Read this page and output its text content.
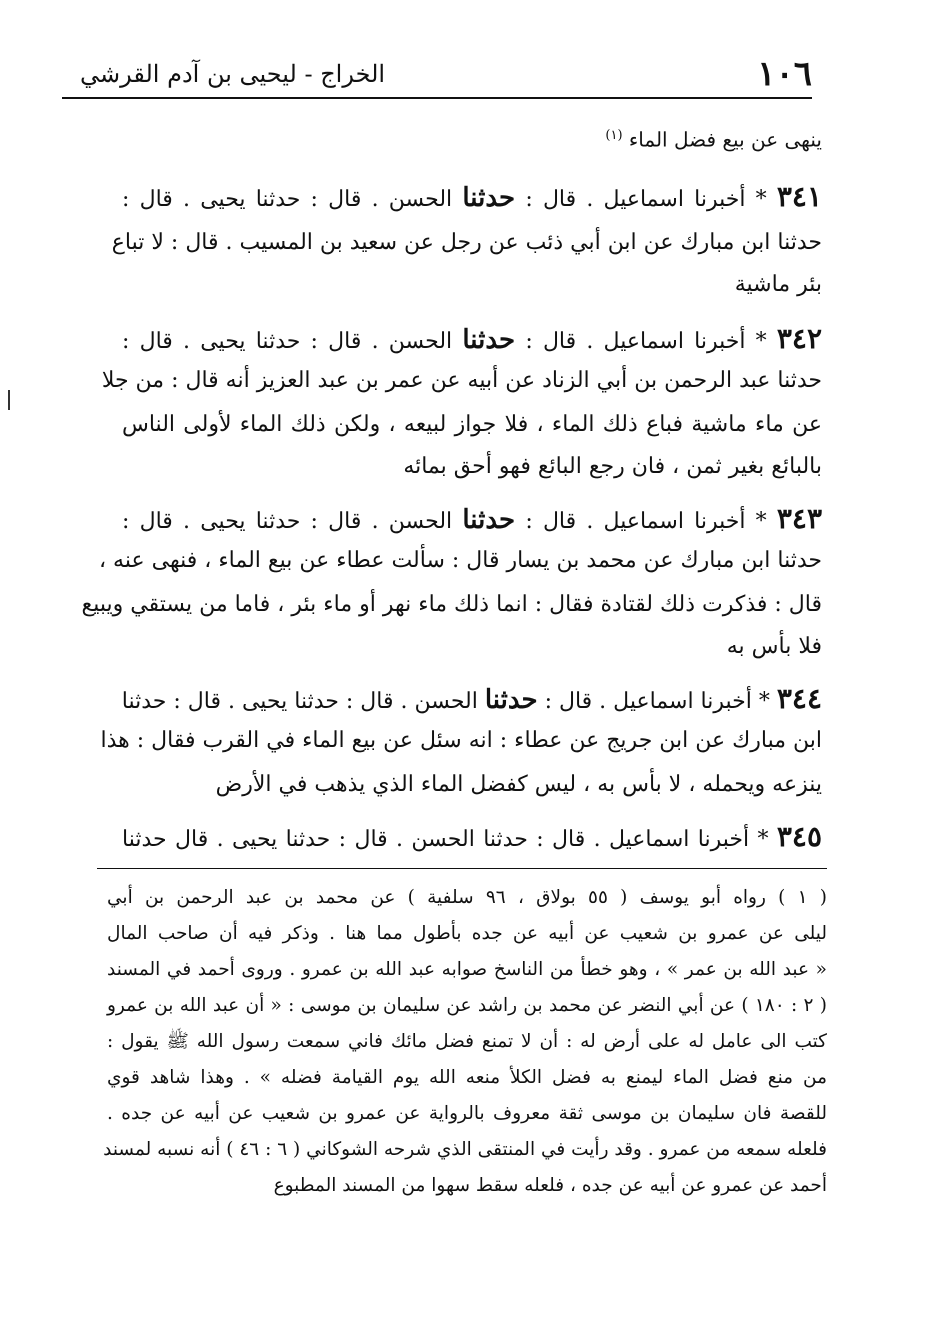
١٠٦
الخراج - ليحيى بن آدم القرشي
ينهى عن بيع فضل الماء $^{(١)}$
٣٤١ * أخبرنا اسماعيل . قال : حدثنا الحسن . قال : حدثنا يحيى . قال :
حدثنا ابن مبارك عن ابن أبي ذئب عن رجل عن سعيد بن المسيب . قال : لا تباع
بئر ماشية
٣٤٢ * أخبرنا اسماعيل . قال : حدثنا الحسن . قال : حدثنا يحيى . قال :
حدثنا عبد الرحمن بن أبي الزناد عن أبيه عن عمر بن عبد العزيز أنه قال : من جلا
عن ماء ماشية فباع ذلك الماء ، فلا جواز لبيعه ، ولكن ذلك الماء لأولى الناس
بالبائع بغير ثمن ، فان رجع البائع فهو أحق بمائه
٣٤٣ * أخبرنا اسماعيل . قال : حدثنا الحسن . قال : حدثنا يحيى . قال :
حدثنا ابن مبارك عن محمد بن يسار قال : سألت عطاء عن بيع الماء ، فنهى عنه ،
قال : فذكرت ذلك لقتادة فقال : انما ذلك ماء نهر أو ماء بئر ، فاما من يستقي ويبيع
فلا بأس به
٣٤٤ * أخبرنا اسماعيل . قال : حدثنا الحسن . قال : حدثنا يحيى . قال : حدثنا
ابن مبارك عن ابن جريج عن عطاء : انه سئل عن بيع الماء في القرب فقال : هذا
ينزعه ويحمله ، لا بأس به ، ليس كفضل الماء الذي يذهب في الأرض
٣٤٥ * أخبرنا اسماعيل . قال : حدثنا الحسن . قال : حدثنا يحيى . قال حدثنا
( ١ ) رواه أبو يوسف ( ٥٥ بولاق ، ٩٦ سلفية ) عن محمد بن عبد الرحمن بن أبي
ليلى عن عمرو بن شعيب عن أبيه عن جده بأطول مما هنا . وذكر فيه أن صاحب المال
« عبد الله بن عمر » ، وهو خطأ من الناسخ صوابه عبد الله بن عمرو . وروى أحمد في المسند
( ٢ : ١٨٠ ) عن أبي النضر عن محمد بن راشد عن سليمان بن موسى : « أن عبد الله بن عمرو
كتب الى عامل له على أرض له : أن لا تمنع فضل مائك فاني سمعت رسول الله ﷺ يقول :
من منع فضل الماء ليمنع به فضل الكلأ منعه الله يوم القيامة فضله » . وهذا شاهد قوي
للقصة فان سليمان بن موسى ثقة معروف بالرواية عن عمرو بن شعيب عن أبيه عن جده .
فلعله سمعه من عمرو . وقد رأيت في المنتقى الذي شرحه الشوكاني ( ٦ : ٤٦ ) أنه نسبه لمسند
أحمد عن عمرو عن أبيه عن جده ، فلعله سقط سهوا من المسند المطبوع
